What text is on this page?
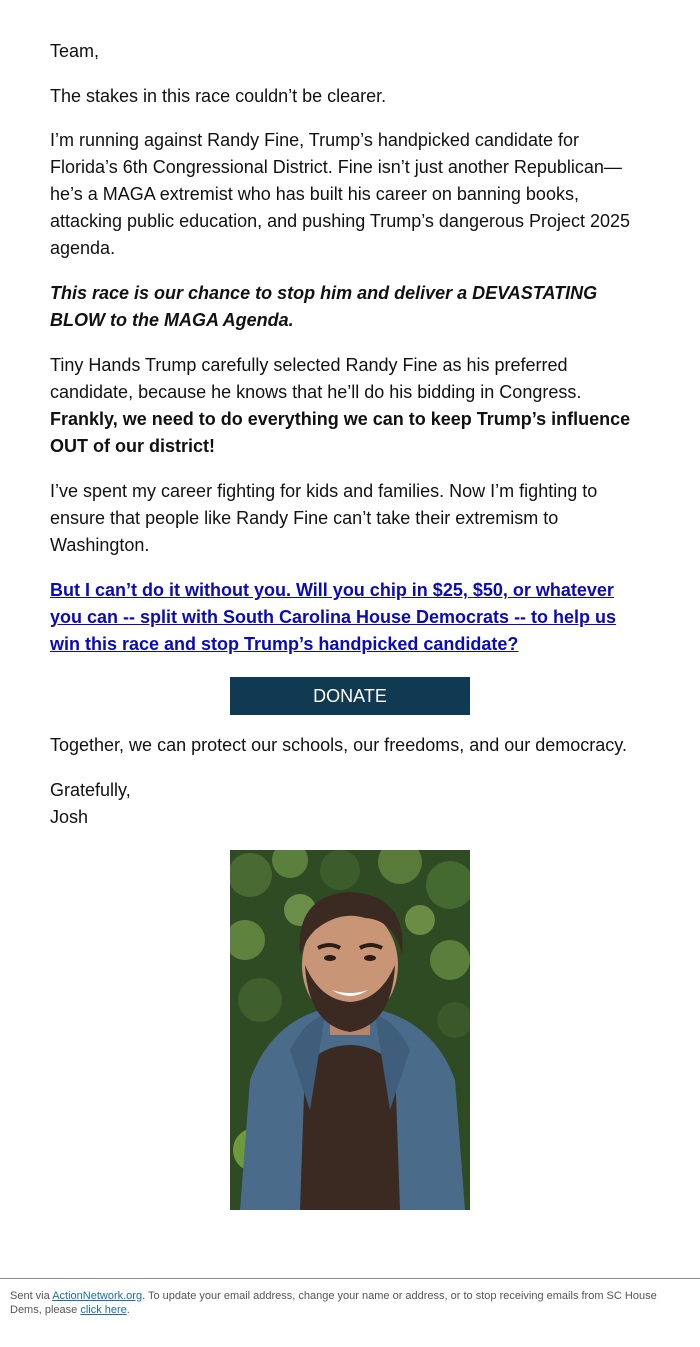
Team,

The stakes in this race couldn’t be clearer.

I’m running against Randy Fine, Trump’s handpicked candidate for Florida’s 6th Congressional District. Fine isn’t just another Republican—he’s a MAGA extremist who has built his career on banning books, attacking public education, and pushing Trump’s dangerous Project 2025 agenda.

This race is our chance to stop him and deliver a DEVASTATING BLOW to the MAGA Agenda.

Tiny Hands Trump carefully selected Randy Fine as his preferred candidate, because he knows that he’ll do his bidding in Congress. Frankly, we need to do everything we can to keep Trump’s influence OUT of our district!

I’ve spent my career fighting for kids and families. Now I’m fighting to ensure that people like Randy Fine can’t take their extremism to Washington.

But I can’t do it without you. Will you chip in $25, $50, or whatever you can -- split with South Carolina House Democrats -- to help us win this race and stop Trump’s handpicked candidate?

Together, we can protect our schools, our freedoms, and our democracy.

Gratefully,
Josh

DONATE
Sent via ActionNetwork.org. To update your email address, change your name or address, or to stop receiving emails from SC House Dems, please click here.
